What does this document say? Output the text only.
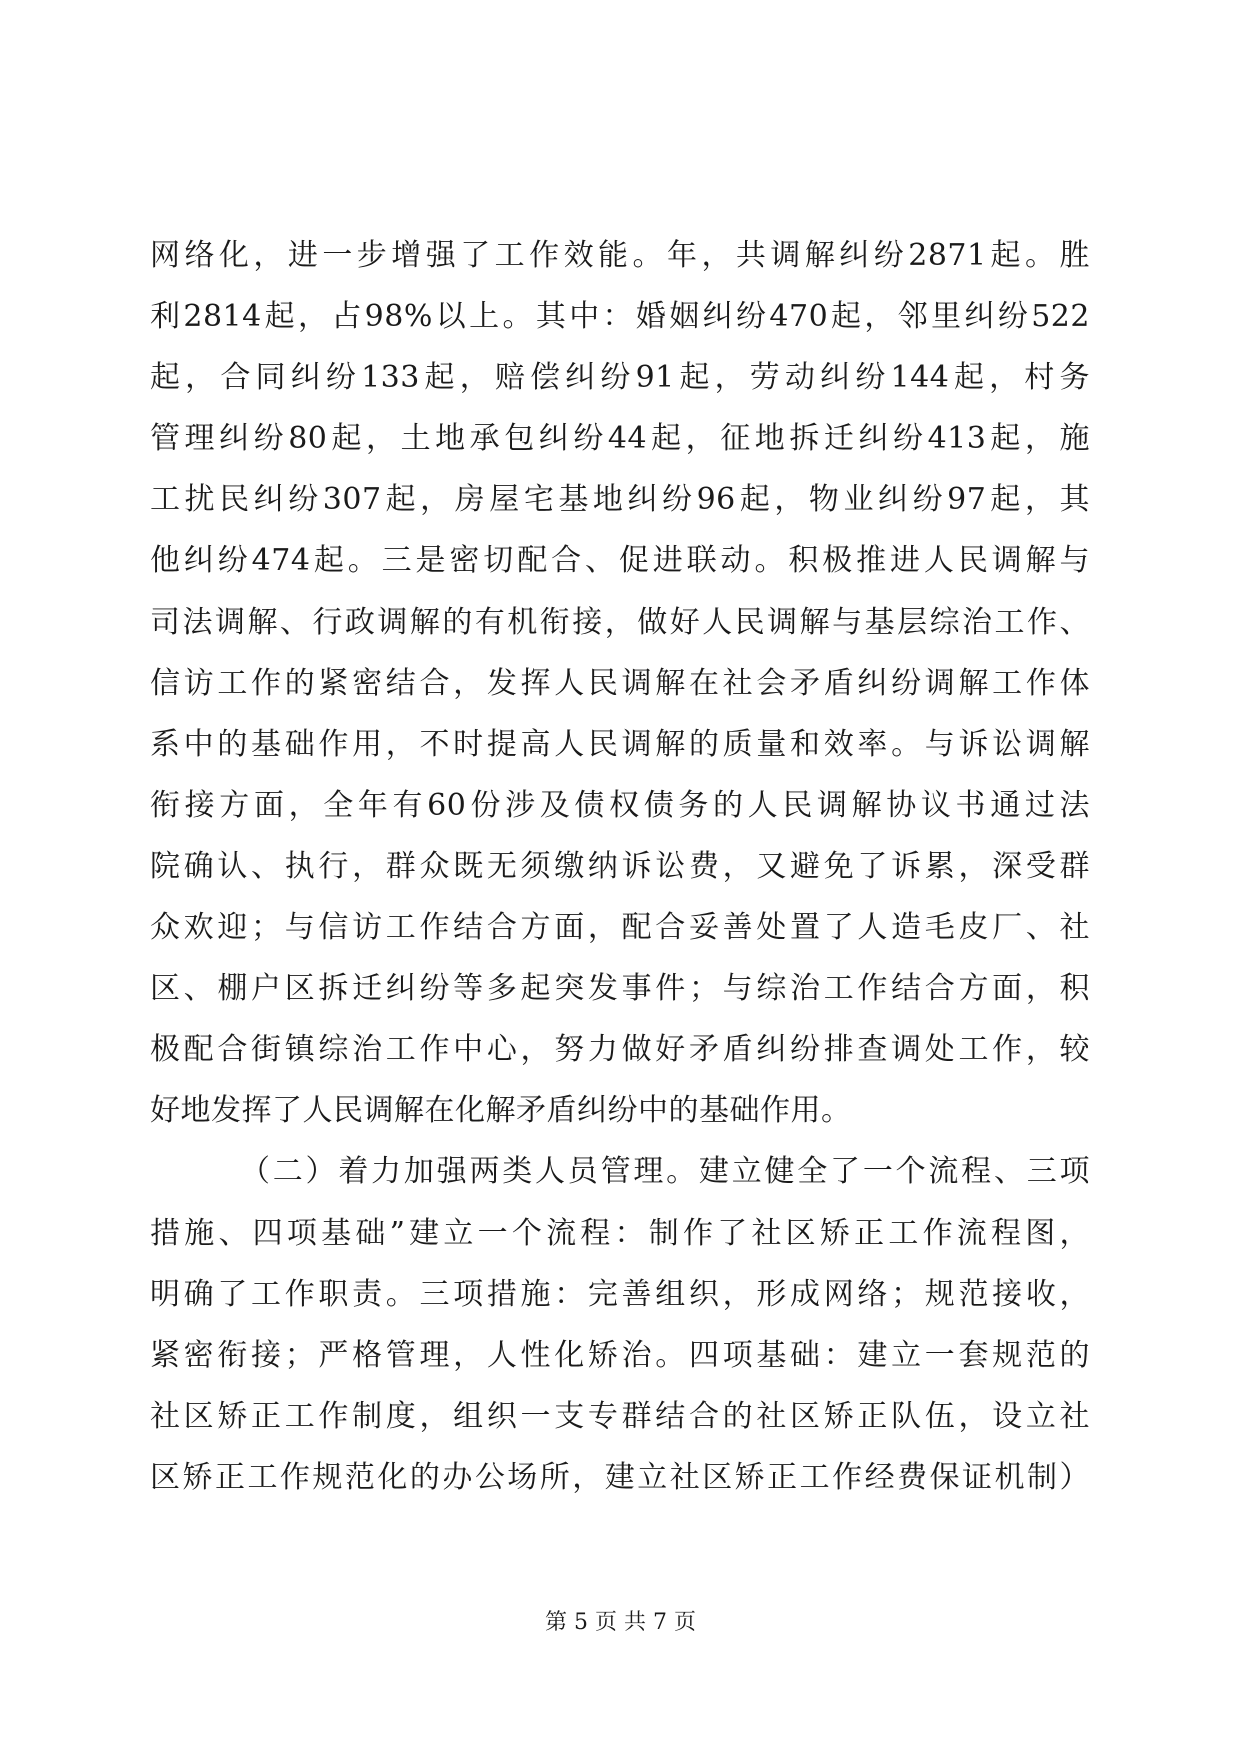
网络化，进一步增强了工作效能。年，共调解纠纷2871起。胜
利2814起，占98%以上。其中：婚姻纠纷470起，邻里纠纷522
起，合同纠纷133起，赔偿纠纷91起，劳动纠纷144起，村务
管理纠纷80起，土地承包纠纷44起，征地拆迁纠纷413起，施
工扰民纠纷307起，房屋宅基地纠纷96起，物业纠纷97起，其
他纠纷474起。三是密切配合、促进联动。积极推进人民调解与
司法调解、行政调解的有机衔接，做好人民调解与基层综治工作、
信访工作的紧密结合，发挥人民调解在社会矛盾纠纷调解工作体
系中的基础作用，不时提高人民调解的质量和效率。与诉讼调解
衔接方面，全年有60份涉及债权债务的人民调解协议书通过法
院确认、执行，群众既无须缴纳诉讼费，又避免了诉累，深受群
众欢迎；与信访工作结合方面，配合妥善处置了人造毛皮厂、社
区、棚户区拆迁纠纷等多起突发事件；与综治工作结合方面，积
极配合街镇综治工作中心，努力做好矛盾纠纷排查调处工作，较
好地发挥了人民调解在化解矛盾纠纷中的基础作用。
（二）着力加强两类人员管理。建立健全了一个流程、三项
措施、四项基础”建立一个流程：制作了社区矫正工作流程图，
明确了工作职责。三项措施：完善组织，形成网络；规范接收，
紧密衔接；严格管理，人性化矫治。四项基础：建立一套规范的
社区矫正工作制度，组织一支专群结合的社区矫正队伍，设立社
区矫正工作规范化的办公场所，建立社区矫正工作经费保证机制）
第 5 页 共 7 页
